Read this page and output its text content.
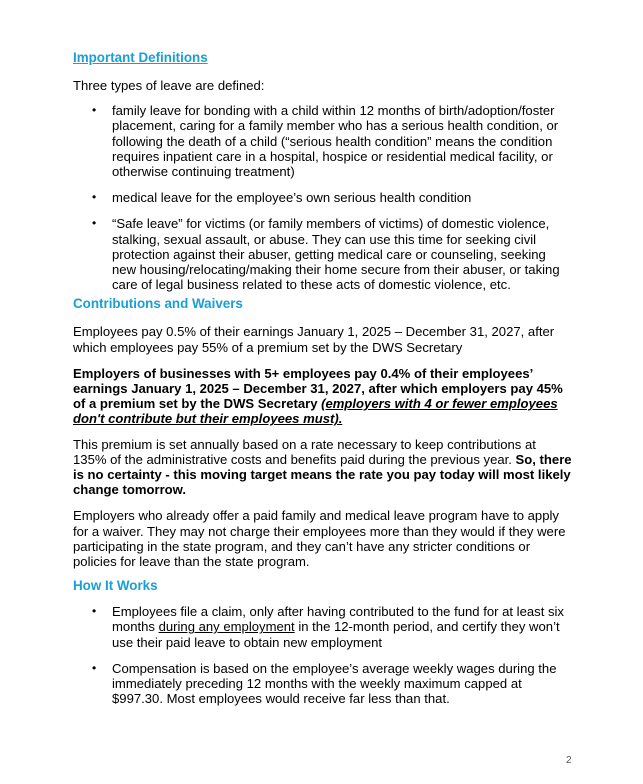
Important Definitions

Three types of leave are defined:

• family leave for bonding with a child within 12 months of birth/adoption/foster placement, caring for a family member who has a serious health condition, or following the death of a child (“serious health condition” means the condition requires inpatient care in a hospital, hospice or residential medical facility, or otherwise continuing treatment)
• medical leave for the employee’s own serious health condition
• “Safe leave” for victims (or family members of victims) of domestic violence, stalking, sexual assault, or abuse. They can use this time for seeking civil protection against their abuser, getting medical care or counseling, seeking new housing/relocating/making their home secure from their abuser, or taking care of legal business related to these acts of domestic violence, etc.
Contributions and Waivers

Employees pay 0.5% of their earnings January 1, 2025 – December 31, 2027, after which employees pay 55% of a premium set by the DWS Secretary

Employers of businesses with 5+ employees pay 0.4% of their employees’ earnings January 1, 2025 – December 31, 2027, after which employers pay 45% of a premium set by the DWS Secretary (employers with 4 or fewer employees don't contribute but their employees must).

This premium is set annually based on a rate necessary to keep contributions at 135% of the administrative costs and benefits paid during the previous year. So, there is no certainty - this moving target means the rate you pay today will most likely change tomorrow.

Employers who already offer a paid family and medical leave program have to apply for a waiver. They may not charge their employees more than they would if they were participating in the state program, and they can’t have any stricter conditions or policies for leave than the state program.

How It Works
• Employees file a claim, only after having contributed to the fund for at least six months during any employment in the 12-month period, and certify they won’t use their paid leave to obtain new employment
• Compensation is based on the employee’s average weekly wages during the immediately preceding 12 months with the weekly maximum capped at $997.30. Most employees would receive far less than that.
2
